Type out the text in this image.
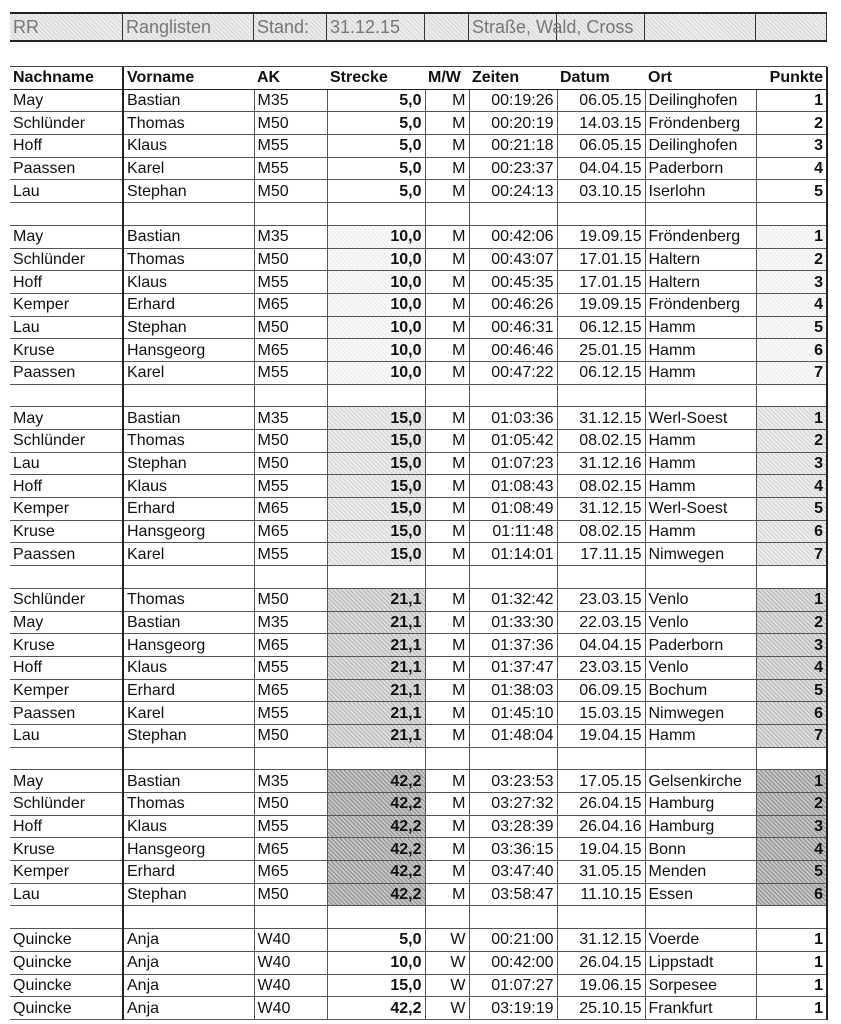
RR	Ranglisten	Stand:	31.12.15	Straße, Wald, Cross
Nachname	Vorname	AK	Strecke	M/W	Zeiten	Datum	Ort	Punkte
May	Bastian	M35	5,0	M	00:19:26	06.05.15	Deilinghofen	1
Schlünder	Thomas	M50	5,0	M	00:20:19	14.03.15	Fröndenberg	2
Hoff	Klaus	M55	5,0	M	00:21:18	06.05.15	Deilinghofen	3
Paassen	Karel	M55	5,0	M	00:23:37	04.04.15	Paderborn	4
Lau	Stephan	M50	5,0	M	00:24:13	03.10.15	Iserlohn	5

May	Bastian	M35	10,0	M	00:42:06	19.09.15	Fröndenberg	1
Schlünder	Thomas	M50	10,0	M	00:43:07	17.01.15	Haltern	2
Hoff	Klaus	M55	10,0	M	00:45:35	17.01.15	Haltern	3
Kemper	Erhard	M65	10,0	M	00:46:26	19.09.15	Fröndenberg	4
Lau	Stephan	M50	10,0	M	00:46:31	06.12.15	Hamm	5
Kruse	Hansgeorg	M65	10,0	M	00:46:46	25.01.15	Hamm	6
Paassen	Karel	M55	10,0	M	00:47:22	06.12.15	Hamm	7

May	Bastian	M35	15,0	M	01:03:36	31.12.15	Werl-Soest	1
Schlünder	Thomas	M50	15,0	M	01:05:42	08.02.15	Hamm	2
Lau	Stephan	M50	15,0	M	01:07:23	31.12.16	Hamm	3
Hoff	Klaus	M55	15,0	M	01:08:43	08.02.15	Hamm	4
Kemper	Erhard	M65	15,0	M	01:08:49	31.12.15	Werl-Soest	5
Kruse	Hansgeorg	M65	15,0	M	01:11:48	08.02.15	Hamm	6
Paassen	Karel	M55	15,0	M	01:14:01	17.11.15	Nimwegen	7

Schlünder	Thomas	M50	21,1	M	01:32:42	23.03.15	Venlo	1
May	Bastian	M35	21,1	M	01:33:30	22.03.15	Venlo	2
Kruse	Hansgeorg	M65	21,1	M	01:37:36	04.04.15	Paderborn	3
Hoff	Klaus	M55	21,1	M	01:37:47	23.03.15	Venlo	4
Kemper	Erhard	M65	21,1	M	01:38:03	06.09.15	Bochum	5
Paassen	Karel	M55	21,1	M	01:45:10	15.03.15	Nimwegen	6
Lau	Stephan	M50	21,1	M	01:48:04	19.04.15	Hamm	7

May	Bastian	M35	42,2	M	03:23:53	17.05.15	Gelsenkirche	1
Schlünder	Thomas	M50	42,2	M	03:27:32	26.04.15	Hamburg	2
Hoff	Klaus	M55	42,2	M	03:28:39	26.04.16	Hamburg	3
Kruse	Hansgeorg	M65	42,2	M	03:36:15	19.04.15	Bonn	4
Kemper	Erhard	M65	42,2	M	03:47:40	31.05.15	Menden	5
Lau	Stephan	M50	42,2	M	03:58:47	11.10.15	Essen	6

Quincke	Anja	W40	5,0	W	00:21:00	31.12.15	Voerde	1
Quincke	Anja	W40	10,0	W	00:42:00	26.04.15	Lippstadt	1
Quincke	Anja	W40	15,0	W	01:07:27	19.06.15	Sorpesee	1
Quincke	Anja	W40	42,2	W	03:19:19	25.10.15	Frankfurt	1
